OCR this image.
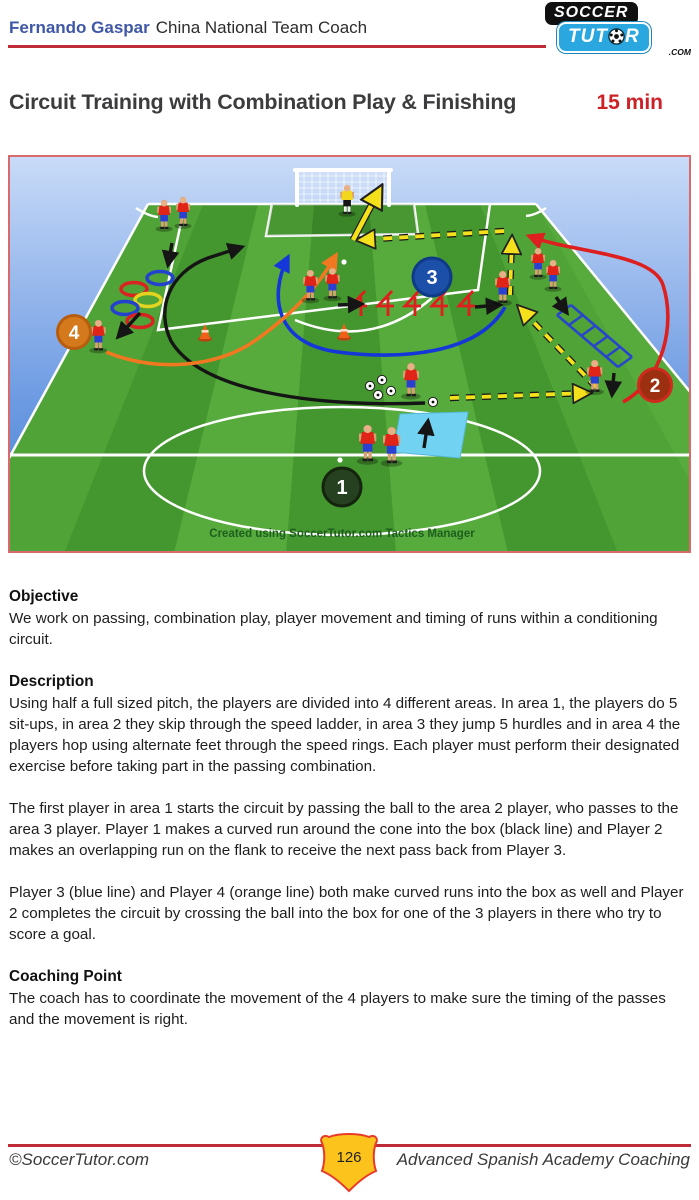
Fernando Gaspar China National Team Coach
SOCCER
TUT R
.COM
Circuit Training with Combination Play & Finishing	15 min
1
2
3
4
Created using SoccerTutor.com Tactics Manager
Objective

We work on passing, combination play, player movement and timing of runs within a conditioning circuit.

Description

Using half a full sized pitch, the players are divided into 4 different areas. In area 1, the players do 5 sit-ups, in area 2 they skip through the speed ladder, in area 3 they jump 5 hurdles and in area 4 the players hop using alternate feet through the speed rings. Each player must perform their designated exercise before taking part in the passing combination.

The first player in area 1 starts the circuit by passing the ball to the area 2 player, who passes to the area 3 player. Player 1 makes a curved run around the cone into the box (black line) and Player 2 makes an overlapping run on the flank to receive the next pass back from Player 3.

Player 3 (blue line) and Player 4 (orange line) both make curved runs into the box as well and Player 2 completes the circuit by crossing the ball into the box for one of the 3 players in there who try to score a goal.

Coaching Point

The coach has to coordinate the movement of the 4 players to make sure the timing of the passes and the movement is right.

©SoccerTutor.com	Advanced Spanish Academy Coaching
126
